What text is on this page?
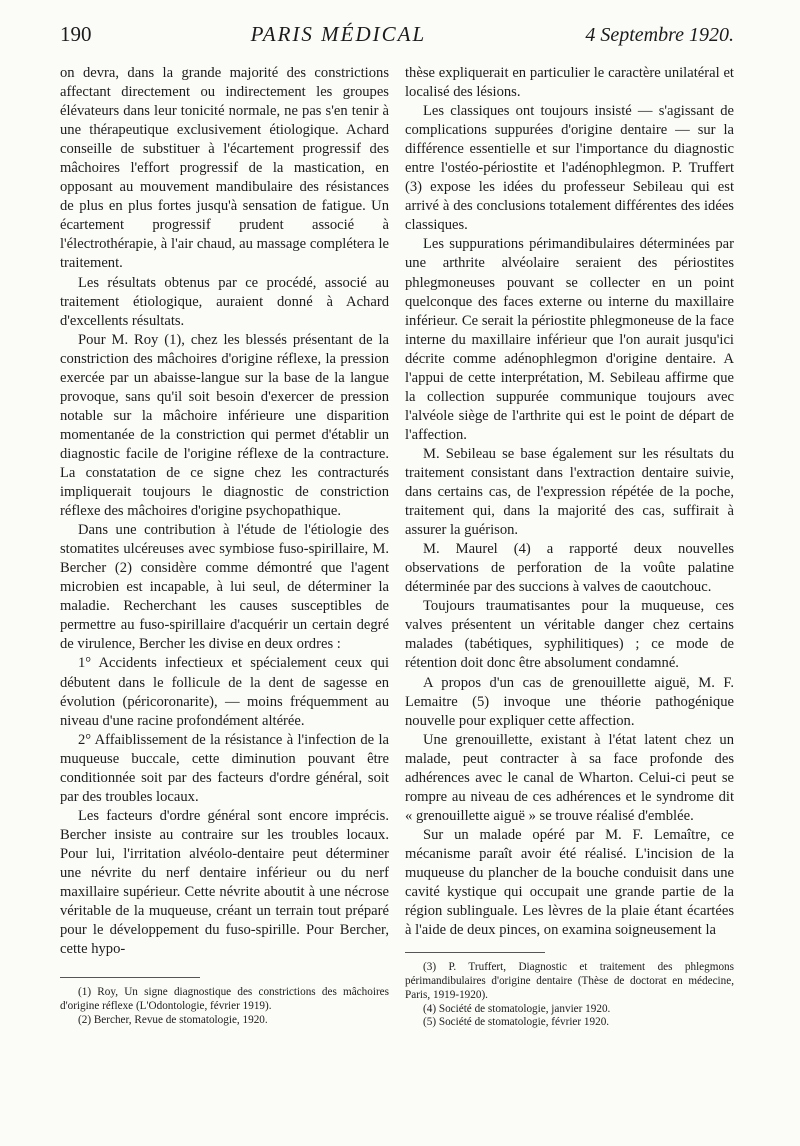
190	PARIS MÉDICAL	4 Septembre 1920.

on devra, dans la grande majorité des constrictions affectant directement ou indirectement les groupes élévateurs dans leur tonicité normale, ne pas s'en tenir à une thérapeutique exclusivement étiologique. Achard conseille de substituer à l'écartement progressif des mâchoires l'effort progressif de la mastication, en opposant au mouvement mandibulaire des résistances de plus en plus fortes jusqu'à sensation de fatigue. Un écartement progressif prudent associé à l'électrothérapie, à l'air chaud, au massage complétera le traitement.

Les résultats obtenus par ce procédé, associé au traitement étiologique, auraient donné à Achard d'excellents résultats.

Pour M. Roy (1), chez les blessés présentant de la constriction des mâchoires d'origine réflexe, la pression exercée par un abaisse-langue sur la base de la langue provoque, sans qu'il soit besoin d'exercer de pression notable sur la mâchoire inférieure une disparition momentanée de la constriction qui permet d'établir un diagnostic facile de l'origine réflexe de la contracture. La constatation de ce signe chez les contracturés impliquerait toujours le diagnostic de constriction réflexe des mâchoires d'origine psychopathique.

Dans une contribution à l'étude de l'étiologie des stomatites ulcéreuses avec symbiose fuso-spirillaire, M. Bercher (2) considère comme démontré que l'agent microbien est incapable, à lui seul, de déterminer la maladie. Recherchant les causes susceptibles de permettre au fuso-spirillaire d'acquérir un certain degré de virulence, Bercher les divise en deux ordres :

1° Accidents infectieux et spécialement ceux qui débutent dans le follicule de la dent de sagesse en évolution (péricoronarite), — moins fréquemment au niveau d'une racine profondément altérée.

2° Affaiblissement de la résistance à l'infection de la muqueuse buccale, cette diminution pouvant être conditionnée soit par des facteurs d'ordre général, soit par des troubles locaux.

Les facteurs d'ordre général sont encore imprécis. Bercher insiste au contraire sur les troubles locaux. Pour lui, l'irritation alvéolo-dentaire peut déterminer une névrite du nerf dentaire inférieur ou du nerf maxillaire supérieur. Cette névrite aboutit à une nécrose véritable de la muqueuse, créant un terrain tout préparé pour le développement du fuso-spirille. Pour Bercher, cette hypo-

(1) Roy, Un signe diagnostique des constrictions des mâchoires d'origine réflexe (L'Odontologie, février 1919).

(2) Bercher, Revue de stomatologie, 1920.

thèse expliquerait en particulier le caractère unilatéral et localisé des lésions.

Les classiques ont toujours insisté — s'agissant de complications suppurées d'origine dentaire — sur la différence essentielle et sur l'importance du diagnostic entre l'ostéo-périostite et l'adénophlegmon. P. Truffert (3) expose les idées du professeur Sebileau qui est arrivé à des conclusions totalement différentes des idées classiques.

Les suppurations périmandibulaires déterminées par une arthrite alvéolaire seraient des périostites phlegmoneuses pouvant se collecter en un point quelconque des faces externe ou interne du maxillaire inférieur. Ce serait la périostite phlegmoneuse de la face interne du maxillaire inférieur que l'on aurait jusqu'ici décrite comme adénophlegmon d'origine dentaire. A l'appui de cette interprétation, M. Sebileau affirme que la collection suppurée communique toujours avec l'alvéole siège de l'arthrite qui est le point de départ de l'affection.

M. Sebileau se base également sur les résultats du traitement consistant dans l'extraction dentaire suivie, dans certains cas, de l'expression répétée de la poche, traitement qui, dans la majorité des cas, suffirait à assurer la guérison.

M. Maurel (4) a rapporté deux nouvelles observations de perforation de la voûte palatine déterminée par des succions à valves de caoutchouc.

Toujours traumatisantes pour la muqueuse, ces valves présentent un véritable danger chez certains malades (tabétiques, syphilitiques) ; ce mode de rétention doit donc être absolument condamné.

A propos d'un cas de grenouillette aiguë, M. F. Lemaitre (5) invoque une théorie pathogénique nouvelle pour expliquer cette affection.

Une grenouillette, existant à l'état latent chez un malade, peut contracter à sa face profonde des adhérences avec le canal de Wharton. Celui-ci peut se rompre au niveau de ces adhérences et le syndrome dit « grenouillette aiguë » se trouve réalisé d'emblée.

Sur un malade opéré par M. F. Lemaître, ce mécanisme paraît avoir été réalisé. L'incision de la muqueuse du plancher de la bouche conduisit dans une cavité kystique qui occupait une grande partie de la région sublinguale. Les lèvres de la plaie étant écartées à l'aide de deux pinces, on examina soigneusement la

(3) P. Truffert, Diagnostic et traitement des phlegmons périmandibulaires d'origine dentaire (Thèse de doctorat en médecine, Paris, 1919-1920).

(4) Société de stomatologie, janvier 1920.

(5) Société de stomatologie, février 1920.
